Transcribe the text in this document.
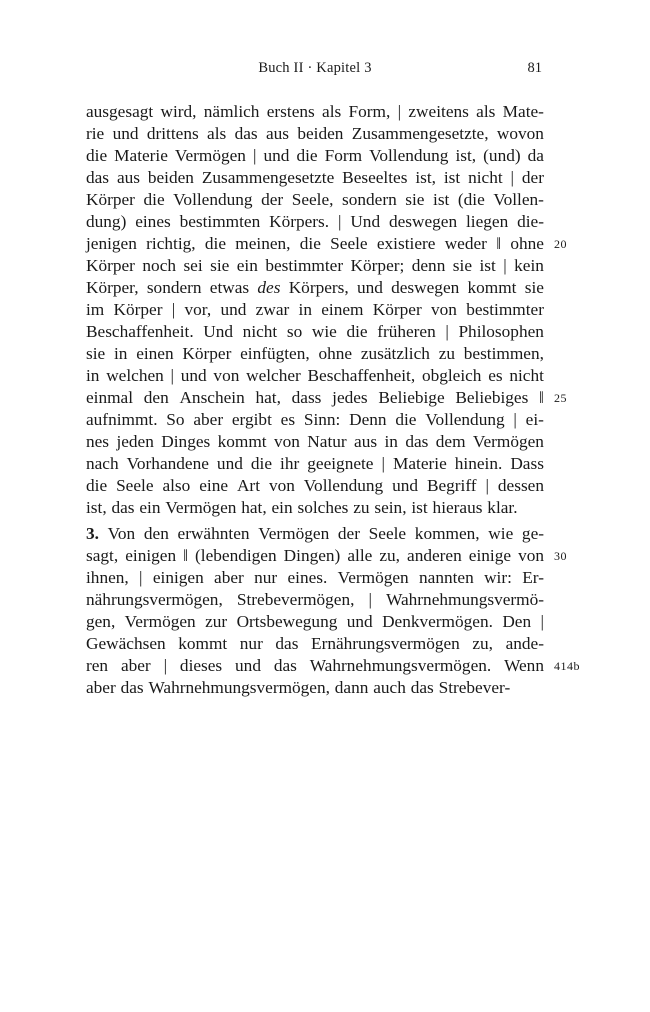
Buch II · Kapitel 3	81
ausgesagt wird, nämlich erstens als Form, | zweitens als Mate-
rie und drittens als das aus beiden Zusammengesetzte, wovon
die Materie Vermögen | und die Form Vollendung ist, (und) da
das aus beiden Zusammengesetzte Beseeltes ist, ist nicht | der
Körper die Vollendung der Seele, sondern sie ist (die Vollen-
dung) eines bestimmten Körpers. | Und deswegen liegen die-
jenigen richtig, die meinen, die Seele existiere weder ‖ ohne 20
Körper noch sei sie ein bestimmter Körper; denn sie ist | kein
Körper, sondern etwas des Körpers, und deswegen kommt sie
im Körper | vor, und zwar in einem Körper von bestimmter
Beschaffenheit. Und nicht so wie die früheren | Philosophen
sie in einen Körper einfügten, ohne zusätzlich zu bestimmen,
in welchen | und von welcher Beschaffenheit, obgleich es nicht
einmal den Anschein hat, dass jedes Beliebige Beliebiges ‖ 25
aufnimmt. So aber ergibt es Sinn: Denn die Vollendung | ei-
nes jeden Dinges kommt von Natur aus in das dem Vermögen
nach Vorhandene und die ihr geeignete | Materie hinein. Dass
die Seele also eine Art von Vollendung und Begriff | dessen
ist, das ein Vermögen hat, ein solches zu sein, ist hieraus klar.
3. Von den erwähnten Vermögen der Seele kommen, wie ge-
sagt, einigen ‖ (lebendigen Dingen) alle zu, anderen einige von 30
ihnen, | einigen aber nur eines. Vermögen nannten wir: Er-
nährungsvermögen, Strebevermögen, | Wahrnehmungsvermö-
gen, Vermögen zur Ortsbewegung und Denkvermögen. Den |
Gewächsen kommt nur das Ernährungsvermögen zu, ande-
ren aber | dieses und das Wahrnehmungsvermögen. Wenn 414b
aber das Wahrnehmungsvermögen, dann auch das Strebever-
